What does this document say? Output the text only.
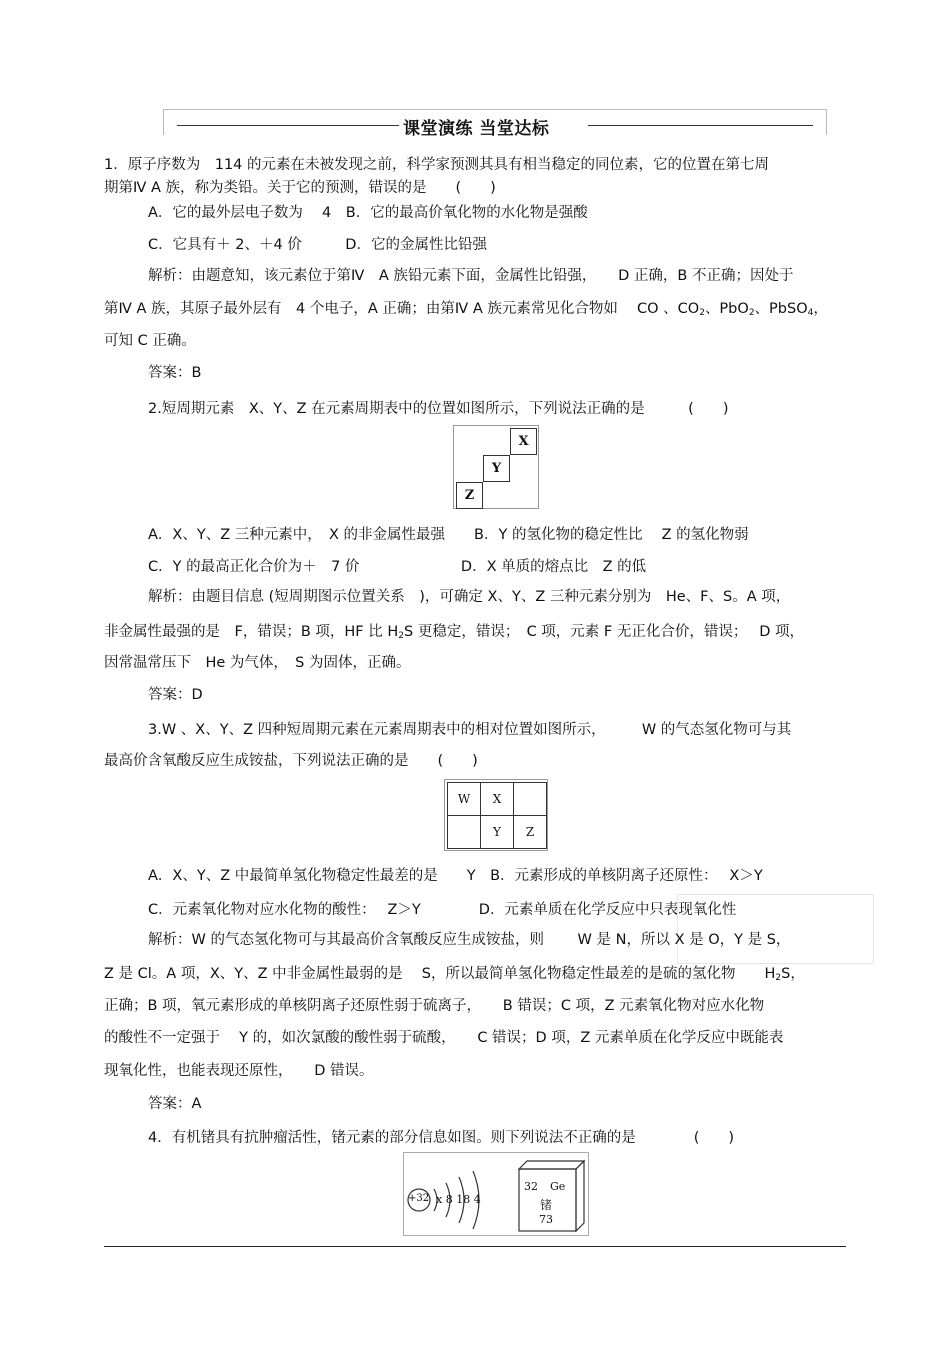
课堂演练 当堂达标
1．原子序数为　114 的元素在未被发现之前，科学家预测其具有相当稳定的同位素，它的位置在第七周
期第Ⅳ A 族，称为类铅。关于它的预测，错误的是　　(　　)
A．它的最外层电子数为　 4　B．它的最高价氧化物的水化物是强酸
C．它具有＋ 2、＋4 价　　　D．它的金属性比铅强
解析：由题意知，该元素位于第Ⅳ　A 族铅元素下面，金属性比铅强，　　D 正确，B 不正确；因处于
第Ⅳ A 族，其原子最外层有　4 个电子，A 正确；由第Ⅳ A 族元素常见化合物如　 CO 、$CO_2$、PbO$_2$、PbSO$_4$，
可知 C 正确。
答案：B
2.短周期元素　X、Y、Z 在元素周期表中的位置如图所示，下列说法正确的是　　　(　　)
X
Y
Z
A．X、Y、Z 三种元素中，　X 的非金属性最强　　B．Y 的氢化物的稳定性比　 Z 的氢化物弱
C．Y 的最高正化合价为＋　7 价　　　　　　　D．X 单质的熔点比　Z 的低
解析：由题目信息 (短周期图示位置关系　)，可确定 X、Y、Z 三种元素分别为　He、F、S。A 项，
非金属性最强的是　F，错误；B 项，HF 比 $H_2S$ 更稳定，错误；　C 项，元素 F 无正化合价，错误；　 D 项，
因常温常压下　He 为气体，　S 为固体，正确。
答案：D
3.W 、X、Y、Z 四种短周期元素在元素周期表中的相对位置如图所示，　　　W 的气态氢化物可与其
最高价含氧酸反应生成铵盐，下列说法正确的是　　(　　)
W	X
Y	Z
A．X、Y、Z 中最简单氢化物稳定性最差的是　　Y　B．元素形成的单核阴离子还原性：　 X＞Y
C．元素氧化物对应水化物的酸性：　 Z＞Y　　　　D．元素单质在化学反应中只表现氧化性
解析：W 的气态氢化物可与其最高价含氧酸反应生成铵盐，则　　 W 是 N，所以 X 是 O，Y 是 S，
Z 是 Cl。A 项，X、Y、Z 中非金属性最弱的是　 S，所以最简单氢化物稳定性最差的是硫的氢化物　　$H_2S$，
正确；B 项，氧元素形成的单核阴离子还原性弱于硫离子，　　B 错误；C 项，Z 元素氧化物对应水化物
的酸性不一定强于　 Y 的，如次氯酸的酸性弱于硫酸，　　C 错误；D 项，Z 元素单质在化学反应中既能表
现氧化性，也能表现还原性，　　D 错误。
答案：A
4．有机锗具有抗肿瘤活性，锗元素的部分信息如图。则下列说法不正确的是　　　　(　　)
+32 x 8 18 4
32 Ge
锗
73
